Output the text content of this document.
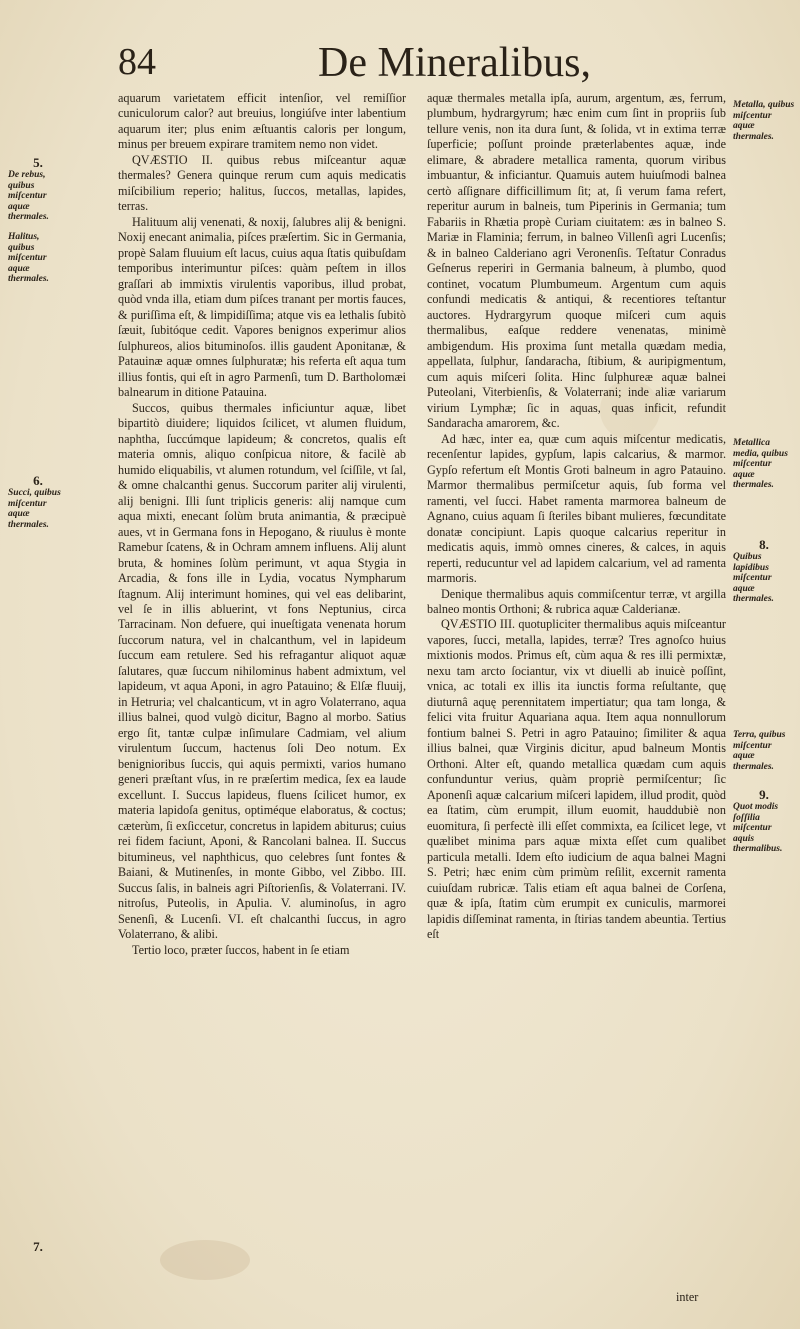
84	De Mineralibus,

aquarum varietatem efficit intenſior, vel remiſſior cuniculorum calor? aut breuius, longiúſve inter labentium aquarum iter; plus enim æſtuantis caloris per longum, minus per breuem expirare tramitem nemo non videt.

QVÆSTIO II. quibus rebus miſceantur aquæ thermales? Genera quinque rerum cum aquis medicatis miſcibilium reperio; halitus, ſuccos, metallas, lapides, terras.

Halituum alij venenati, & noxij, ſalubres alij & benigni. Noxij enecant animalia, piſces præſertim. Sic in Germania, propè Salam fluuium eſt lacus, cuius aqua ſtatis quibuſdam temporibus interimuntur piſces: quàm peſtem in illos graſſari ab immixtis virulentis vaporibus, illud probat, quòd vnda illa, etiam dum piſces tranant per mortis fauces, & puriſſima eſt, & limpidiſſima; atque vis ea lethalis ſubitò ſæuit, ſubitóque cedit. Vapores benignos experimur alios ſulphureos, alios bituminoſos. illis gaudent Aponitanæ, & Patauinæ aquæ omnes ſulphuratæ; his referta eſt aqua tum illius fontis, qui eſt in agro Parmenſi, tum D. Bartholomæi balnearum in ditione Patauina.

Succos, quibus thermales inficiuntur aquæ, libet bipartitò diuidere; liquidos ſcilicet, vt alumen fluidum, naphtha, ſuccúmque lapideum; & concretos, qualis eſt materia omnis, aliquo conſpicua nitore, & facilè ab humido eliquabilis, vt alumen rotundum, vel ſciſſile, vt ſal, & omne chalcanthi genus. Succorum pariter alij virulenti, alij benigni. Illi ſunt triplicis generis: alij namque cum aqua mixti, enecant ſolùm bruta animantia, & præcipuè aues, vt in Germana fons in Hepogano, & riuulus è monte Ramebur ſcatens, & in Ochram amnem influens. Alij alunt bruta, & homines ſolùm perimunt, vt aqua Stygia in Arcadia, & fons ille in Lydia, vocatus Nympharum ſtagnum. Alij interimunt homines, qui vel eas delibarint, vel ſe in illis abluerint, vt fons Neptunius, circa Tarracinam. Non defuere, qui inueſtigata venenata horum ſuccorum natura, vel in chalcanthum, vel in lapideum ſuccum eam retulere. Sed his refragantur aliquot aquæ ſalutares, quæ ſuccum nihilominus habent admixtum, vel lapideum, vt aqua Aponi, in agro Patauino; & Elſæ fluuij, in Hetruria; vel chalcanticum, vt in agro Volaterrano, aqua illius balnei, quod vulgò dicitur, Bagno al morbo. Satius ergo ſit, tantæ culpæ inſimulare Cadmiam, vel alium virulentum ſuccum, hactenus ſoli Deo notum. Ex benignioribus ſuccis, qui aquis permixti, varios humano generi præſtant vſus, in re præſertim medica, ſex ea laude excellunt. I. Succus lapideus, fluens ſcilicet humor, ex materia lapidoſa genitus, optiméque elaboratus, & coctus; cæterùm, ſi exſiccetur, concretus in lapidem abiturus; cuius rei fidem faciunt, Aponi, & Rancolani balnea. II. Succus bitumineus, vel naphthicus, quo celebres ſunt fontes & Baiani, & Mutinenſes, in monte Gibbo, vel Zibbo. III. Succus ſalis, in balneis agri Piſtorienſis, & Volaterrani. IV. nitroſus, Puteolis, in Apulia. V. aluminoſus, in agro Senenſi, & Lucenſi. VI. eſt chalcanthi ſuccus, in agro Volaterrano, & alibi.

Tertio loco, præter ſuccos, habent in ſe etiam

aquæ thermales metalla ipſa, aurum, argentum, æs, ferrum, plumbum, hydrargyrum; hæc enim cum ſint in propriis ſub tellure venis, non ita dura ſunt, & ſolida, vt in extima terræ ſuperficie; poſſunt proinde præterlabentes aquæ, inde elimare, & abradere metallica ramenta, quorum viribus imbuantur, & inficiantur. Quamuis autem huiuſmodi balnea certò aſſignare difficillimum ſit; at, ſi verum fama refert, reperitur aurum in balneis, tum Piperinis in Germania; tum Fabariis in Rhætia propè Curiam ciuitatem: æs in balneo S. Mariæ in Flaminia; ferrum, in balneo Villenſi agri Lucenſis; & in balneo Calderiano agri Veronenſis. Teſtatur Conradus Geſnerus reperiri in Germania balneum, à plumbo, quod continet, vocatum Plumbumeum. Argentum cum aquis confundi medicatis & antiqui, & recentiores teſtantur auctores. Hydrargyrum quoque miſceri cum aquis thermalibus, eaſque reddere venenatas, minimè ambigendum. His proxima ſunt metalla quædam media, appellata, ſulphur, ſandaracha, ſtibium, & auripigmentum, cum aquis miſceri ſolita. Hinc ſulphureæ aquæ balnei Puteolani, Viterbienſis, & Volaterrani; inde aliæ variarum virium Lymphæ; ſic in aquas, quas inficit, refundit Sandaracha amarorem, &c.

Ad hæc, inter ea, quæ cum aquis miſcentur medicatis, recenſentur lapides, gypſum, lapis calcarius, & marmor. Gypſo refertum eſt Montis Groti balneum in agro Patauino. Marmor thermalibus permiſcetur aquis, ſub forma vel ramenti, vel ſucci. Habet ramenta marmorea balneum de Agnano, cuius aquam ſi ſteriles bibant mulieres, fœcunditate donatæ concipiunt. Lapis quoque calcarius reperitur in medicatis aquis, immò omnes cineres, & calces, in aquis reperti, reducuntur vel ad lapidem calcarium, vel ad ramenta marmoris.

Denique thermalibus aquis commiſcentur terræ, vt argilla balneo montis Orthoni; & rubrica aquæ Calderianæ.

QVÆSTIO III. quotupliciter thermalibus aquis miſceantur vapores, ſucci, metalla, lapides, terræ? Tres agnoſco huius mixtionis modos. Primus eſt, cùm aqua & res illi permixtæ, nexu tam arcto ſociantur, vix vt diuelli ab inuicè poſſint, vnica, ac totali ex illis ita iunctis forma reſultante, quę diuturnâ aquę perennitatem impertiatur; qua tam longa, & felici vita fruitur Aquariana aqua. Item aqua nonnullorum fontium balnei S. Petri in agro Patauino; ſimiliter & aqua illius balnei, quæ Virginis dicitur, apud balneum Montis Orthoni. Alter eſt, quando metallica quædam cum aquis confunduntur verius, quàm propriè permiſcentur; ſic Aponenſi aquæ calcarium miſceri lapidem, illud prodit, quòd ea ſtatim, cùm erumpit, illum euomit, hauddubiè non euomitura, ſi perfectè illi eſſet commixta, ea ſcilicet lege, vt quælibet minima pars aquæ mixta eſſet cum qualibet particula metalli. Idem eſto iudicium de aqua balnei Magni S. Petri; hæc enim cùm primùm reſilit, excernit ramenta cuiuſdam rubricæ. Talis etiam eſt aqua balnei de Corſena, quæ & ipſa, ſtatim cùm erumpit ex cuniculis, marmorei lapidis diſſeminat ramenta, in ſtirias tandem abeuntia. Tertius eſt

5.
De rebus, quibus miſcentur aquæ thermales.
Halitus, quibus miſcentur aquæ thermales.
6.
Succi, quibus miſcentur aquæ thermales.
7.
Metalla, quibus miſcentur aquæ thermales.
Metallica media, quibus miſcentur aquæ thermales.
8.
Quibus lapidibus miſcentur aquæ thermales.
Terra, quibus miſcentur aquæ thermales.
9.
Quot modis ſoſſilia miſcentur aquis thermalibus.
inter
